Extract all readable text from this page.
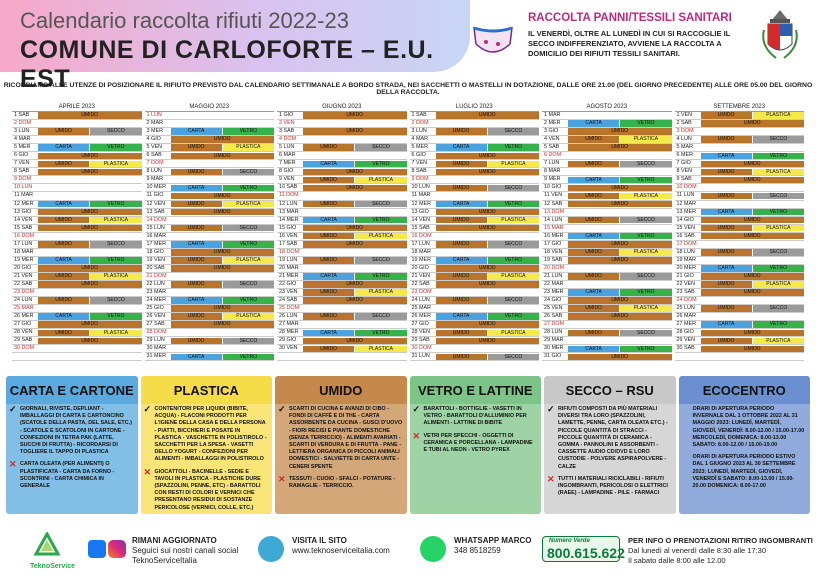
Calendario raccolta rifiuti 2022-23
COMUNE DI CARLOFORTE – E.U. EST
RACCOLTA PANNI/TESSILI SANITARI
IL VENERDÌ, OLTRE AL LUNEDÌ IN CUI SI RACCOGLIE IL SECCO INDIFFERENZIATO, AVVIENE LA RACCOLTA A DOMICILIO DEI RIFIUTI TESSILI SANITARI.
RICORDIAMO ALLE UTENZE DI POSIZIONARE IL RIFIUTO PREVISTO DAL CALENDARIO SETTIMANALE A BORDO STRADA, NEI SACCHETTI O MASTELLI IN DOTAZIONE, DALLE ORE 21.00 (DEL GIORNO PRECEDENTE) ALLE ORE 05.00 DEL GIORNO DELLA RACCOLTA.
APRILE 2023
1 SAB	UMIDO
2 DOM
3 LUN	UMIDO	SECCO
4 MAR
5 MER	CARTA	VETRO
6 GIO	UMIDO
7 VEN	UMIDO	PLASTICA
8 SAB	UMIDO
9 DOM
10 LUN
11 MAR
12 MER	CARTA	VETRO
13 GIO	UMIDO
14 VEN	UMIDO	PLASTICA
15 SAB	UMIDO
16 DOM
17 LUN	UMIDO	SECCO
18 MAR
19 MER	CARTA	VETRO
20 GIO	UMIDO
21 VEN	UMIDO	PLASTICA
22 SAB	UMIDO
23 DOM
24 LUN	UMIDO	SECCO
25 MAR
26 MER	CARTA	VETRO
27 GIO	UMIDO
28 VEN	UMIDO	PLASTICA
29 SAB	UMIDO
30 DOM
MAGGIO 2023
1 LUN
2 MAR
3 MER	CARTA	VETRO
4 GIO	UMIDO
5 VEN	UMIDO	PLASTICA
6 SAB	UMIDO
7 DOM
8 LUN	UMIDO	SECCO
9 MAR
10 MER	CARTA	VETRO
11 GIO	UMIDO
12 VEN	UMIDO	PLASTICA
13 SAB	UMIDO
14 DOM
15 LUN	UMIDO	SECCO
16 MAR
17 MER	CARTA	VETRO
18 GIO	UMIDO
19 VEN	UMIDO	PLASTICA
20 SAB	UMIDO
21 DOM
22 LUN	UMIDO	SECCO
23 MAR
24 MER	CARTA	VETRO
25 GIO	UMIDO
26 VEN	UMIDO	PLASTICA
27 SAB	UMIDO
28 DOM
29 LUN	UMIDO	SECCO
30 MAR
31 MER	CARTA	VETRO
GIUGNO 2023
1 GIO	UMIDO
2 VEN
3 SAB	UMIDO
4 DOM
5 LUN	UMIDO	SECCO
6 MAR
7 MER	CARTA	VETRO
8 GIO	UMIDO
9 VEN	UMIDO	PLASTICA
10 SAB	UMIDO
11 DOM
12 LUN	UMIDO	SECCO
13 MAR
14 MER	CARTA	VETRO
15 GIO	UMIDO
16 VEN	UMIDO	PLASTICA
17 SAB	UMIDO
18 DOM
19 LUN	UMIDO	SECCO
20 MAR
21 MER	CARTA	VETRO
22 GIO	UMIDO
23 VEN	UMIDO	PLASTICA
24 SAB	UMIDO
25 DOM
26 LUN	UMIDO	SECCO
27 MAR
28 MER	CARTA	VETRO
29 GIO	UMIDO
30 VEN	UMIDO	PLASTICA
LUGLIO 2023
1 SAB	UMIDO
2 DOM
3 LUN	UMIDO	SECCO
4 MAR
5 MER	CARTA	VETRO
6 GIO	UMIDO
7 VEN	UMIDO	PLASTICA
8 SAB	UMIDO
9 DOM
10 LUN	UMIDO	SECCO
11 MAR
12 MER	CARTA	VETRO
13 GIO	UMIDO
14 VEN	UMIDO	PLASTICA
15 SAB	UMIDO
16 DOM
17 LUN	UMIDO	SECCO
18 MAR
19 MER	CARTA	VETRO
20 GIO	UMIDO
21 VEN	UMIDO	PLASTICA
22 SAB	UMIDO
23 DOM
24 LUN	UMIDO	SECCO
25 MAR
26 MER	CARTA	VETRO
27 GIO	UMIDO
28 VEN	UMIDO	PLASTICA
29 SAB	UMIDO
30 DOM
31 LUN	UMIDO	SECCO
AGOSTO 2023
1 MAR
2 MER	CARTA	VETRO
3 GIO	UMIDO
4 VEN	UMIDO	PLASTICA
5 SAB	UMIDO
6 DOM
7 LUN	UMIDO	SECCO
8 MAR
9 MER	CARTA	VETRO
10 GIO	UMIDO
11 VEN	UMIDO	PLASTICA
12 SAB	UMIDO
13 DOM
14 LUN	UMIDO	SECCO
15 MAR
16 MER	CARTA	VETRO
17 GIO	UMIDO
18 VEN	UMIDO	PLASTICA
19 SAB	UMIDO
20 DOM
21 LUN	UMIDO	SECCO
22 MAR
23 MER	CARTA	VETRO
24 GIO	UMIDO
25 VEN	UMIDO	PLASTICA
26 SAB	UMIDO
27 DOM
28 LUN	UMIDO	SECCO
29 MAR
30 MER	CARTA	VETRO
31 GIO	UMIDO
SETTEMBRE 2023
1 VEN	UMIDO	PLASTICA
2 SAB	UMIDO
3 DOM
4 LUN	UMIDO	SECCO
5 MAR
6 MER	CARTA	VETRO
7 GIO	UMIDO
8 VEN	UMIDO	PLASTICA
9 SAB	UMIDO
10 DOM
11 LUN	UMIDO	SECCO
12 MAR
13 MER	CARTA	VETRO
14 GIO	UMIDO
15 VEN	UMIDO	PLASTICA
16 SAB	UMIDO
17 DOM
18 LUN	UMIDO	SECCO
19 MAR
20 MER	CARTA	VETRO
21 GIO	UMIDO
22 VEN	UMIDO	PLASTICA
23 SAB	UMIDO
24 DOM
25 LUN	UMIDO	SECCO
26 MAR
27 MER	CARTA	VETRO
28 GIO	UMIDO
29 VEN	UMIDO	PLASTICA
30 SAB	UMIDO
CARTA E CARTONE
✓ GIORNALI, RIVISTE, DEPLIANT - IMBALLAGGI DI CARTA E CARTONCINO (SCATOLE DELLA PASTA, DEL SALE, ETC.) - SCATOLE E SCATOLONI IN CARTONE - CONFEZIONI IN TETRA PAK (LATTE, SUCCHI DI FRUTTA) - RICORDARSI DI TOGLIERE IL TAPPO DI PLASTICA
✕ CARTA OLEATA (PER ALIMENTI) O PLASTIFICATA - CARTA DA FORNO - SCONTRINI - CARTA CHIMICA IN GENERALE
PLASTICA
✓ CONTENITORI PER LIQUIDI (BIBITE, ACQUA) - FLACONI PRODOTTI PER L'IGIENE DELLA CASA E DELLA PERSONA - PIATTI, BICCHIERI E POSATE IN PLASTICA - VASCHETTE IN POLISTIROLO - SACCHETTI PER LA SPESA - VASETTI DELLO YOGURT - CONFEZIONI PER ALIMENTI - IMBALLAGGI IN POLISTIROLO
✕ GIOCATTOLI - BACINELLE - SEDIE E TAVOLI IN PLASTICA - PLASTICHE DURE (SPAZZOLINI, PENNE, ETC) - BARATTOLI CON RESTI DI COLORI E VERNICI CHE PRESENTANO RESIDUI DI SOSTANZE PERICOLOSE (VERNICI, COLLE, ETC.)
UMIDO
✓ SCARTI DI CUCINA E AVANZI DI CIBO - FONDI DI CAFFÈ E DI THE - CARTA ASSORBENTE DA CUCINA - GUSCI D'UOVO - FIORI RECISI E PIANTE DOMESTICHE (SENZA TERRICCIO) - ALIMENTI AVARIATI - SCARTI DI VERDURA E DI FRUTTA - PANE - LETTIERA ORGANICA DI PICCOLI ANIMALI DOMESTICI - SALVIETTE DI CARTA UNTE - CENERI SPENTE
✕ TESSUTI - CUOIO - SFALCI - POTATURE - RAMAGLIE - TERRICCIO.
VETRO E LATTINE
✓ BARATTOLI - BOTTIGLIE - VASETTI IN VETRO - BARATTOLI D'ALLUMINIO PER ALIMENTI - LATTINE DI BIBITE
✕ VETRI PER SPECCHI - OGGETTI DI CERAMICA E PORCELLANA - LAMPADINE E TUBI AL NEON - VETRO PYREX
SECCO – RSU
✓ RIFIUTI COMPOSTI DA PIÙ MATERIALI DIVERSI TRA LORO (SPAZZOLINI, LAMETTE, PENNE, CARTA OLEATA ETC.) - PICCOLE QUANTITÀ DI STRACCI - PICCOLE QUANTITÀ DI CERAMICA - GOMMA - PANNOLINI E ASSORBENTI - CASSETTE AUDIO CD/DVD E LORO CUSTODIE - POLVERE ASPIRAPOLVERE - CALZE
✕ TUTTI I MATERIALI RICICLABILI - RIFIUTI INGOMBRANTI, PERICOLOSI O ELETTRICI (RAEE) - LAMPADINE - PILE - FARMACI
ECOCENTRO
ORARI DI APERTURA PERIODO INVERNALE DAL 1 OTTOBRE 2022 AL 31 MAGGIO 2023: LUNEDÌ, MARTEDÌ, GIOVEDÌ, VENERDÌ: 8.00-12.00 / 15.00-17.00 MERCOLEDÌ, DOMENICA: 8.00-13.00 SABATO: 8.00-12.00 / 15.00-19.00
ORARI DI APERTURA PERIODO ESTIVO DAL 1 GIUGNO 2023 AL 30 SETTEMBRE 2023: LUNEDÌ, MARTEDÌ, GIOVEDÌ, VENERDÌ E SABATO: 8.00-13.00 / 15.00-20.00 DOMENICA: 8.00-17.00
TeknoService
RIMANI AGGIORNATO
Seguici sui nostri canali social
TeknoServiceItalia
VISITA IL SITO
www.teknoserviceitalia.com
WHATSAPP MARCO
348 8518259
Numero Verde
800.615.622
PER INFO O PRENOTAZIONI RITIRO INGOMBRANTI
Dal lunedì al venerdì dalle 8:30 alle 17:30
Il sabato dalle 8:00 alle 12.00
